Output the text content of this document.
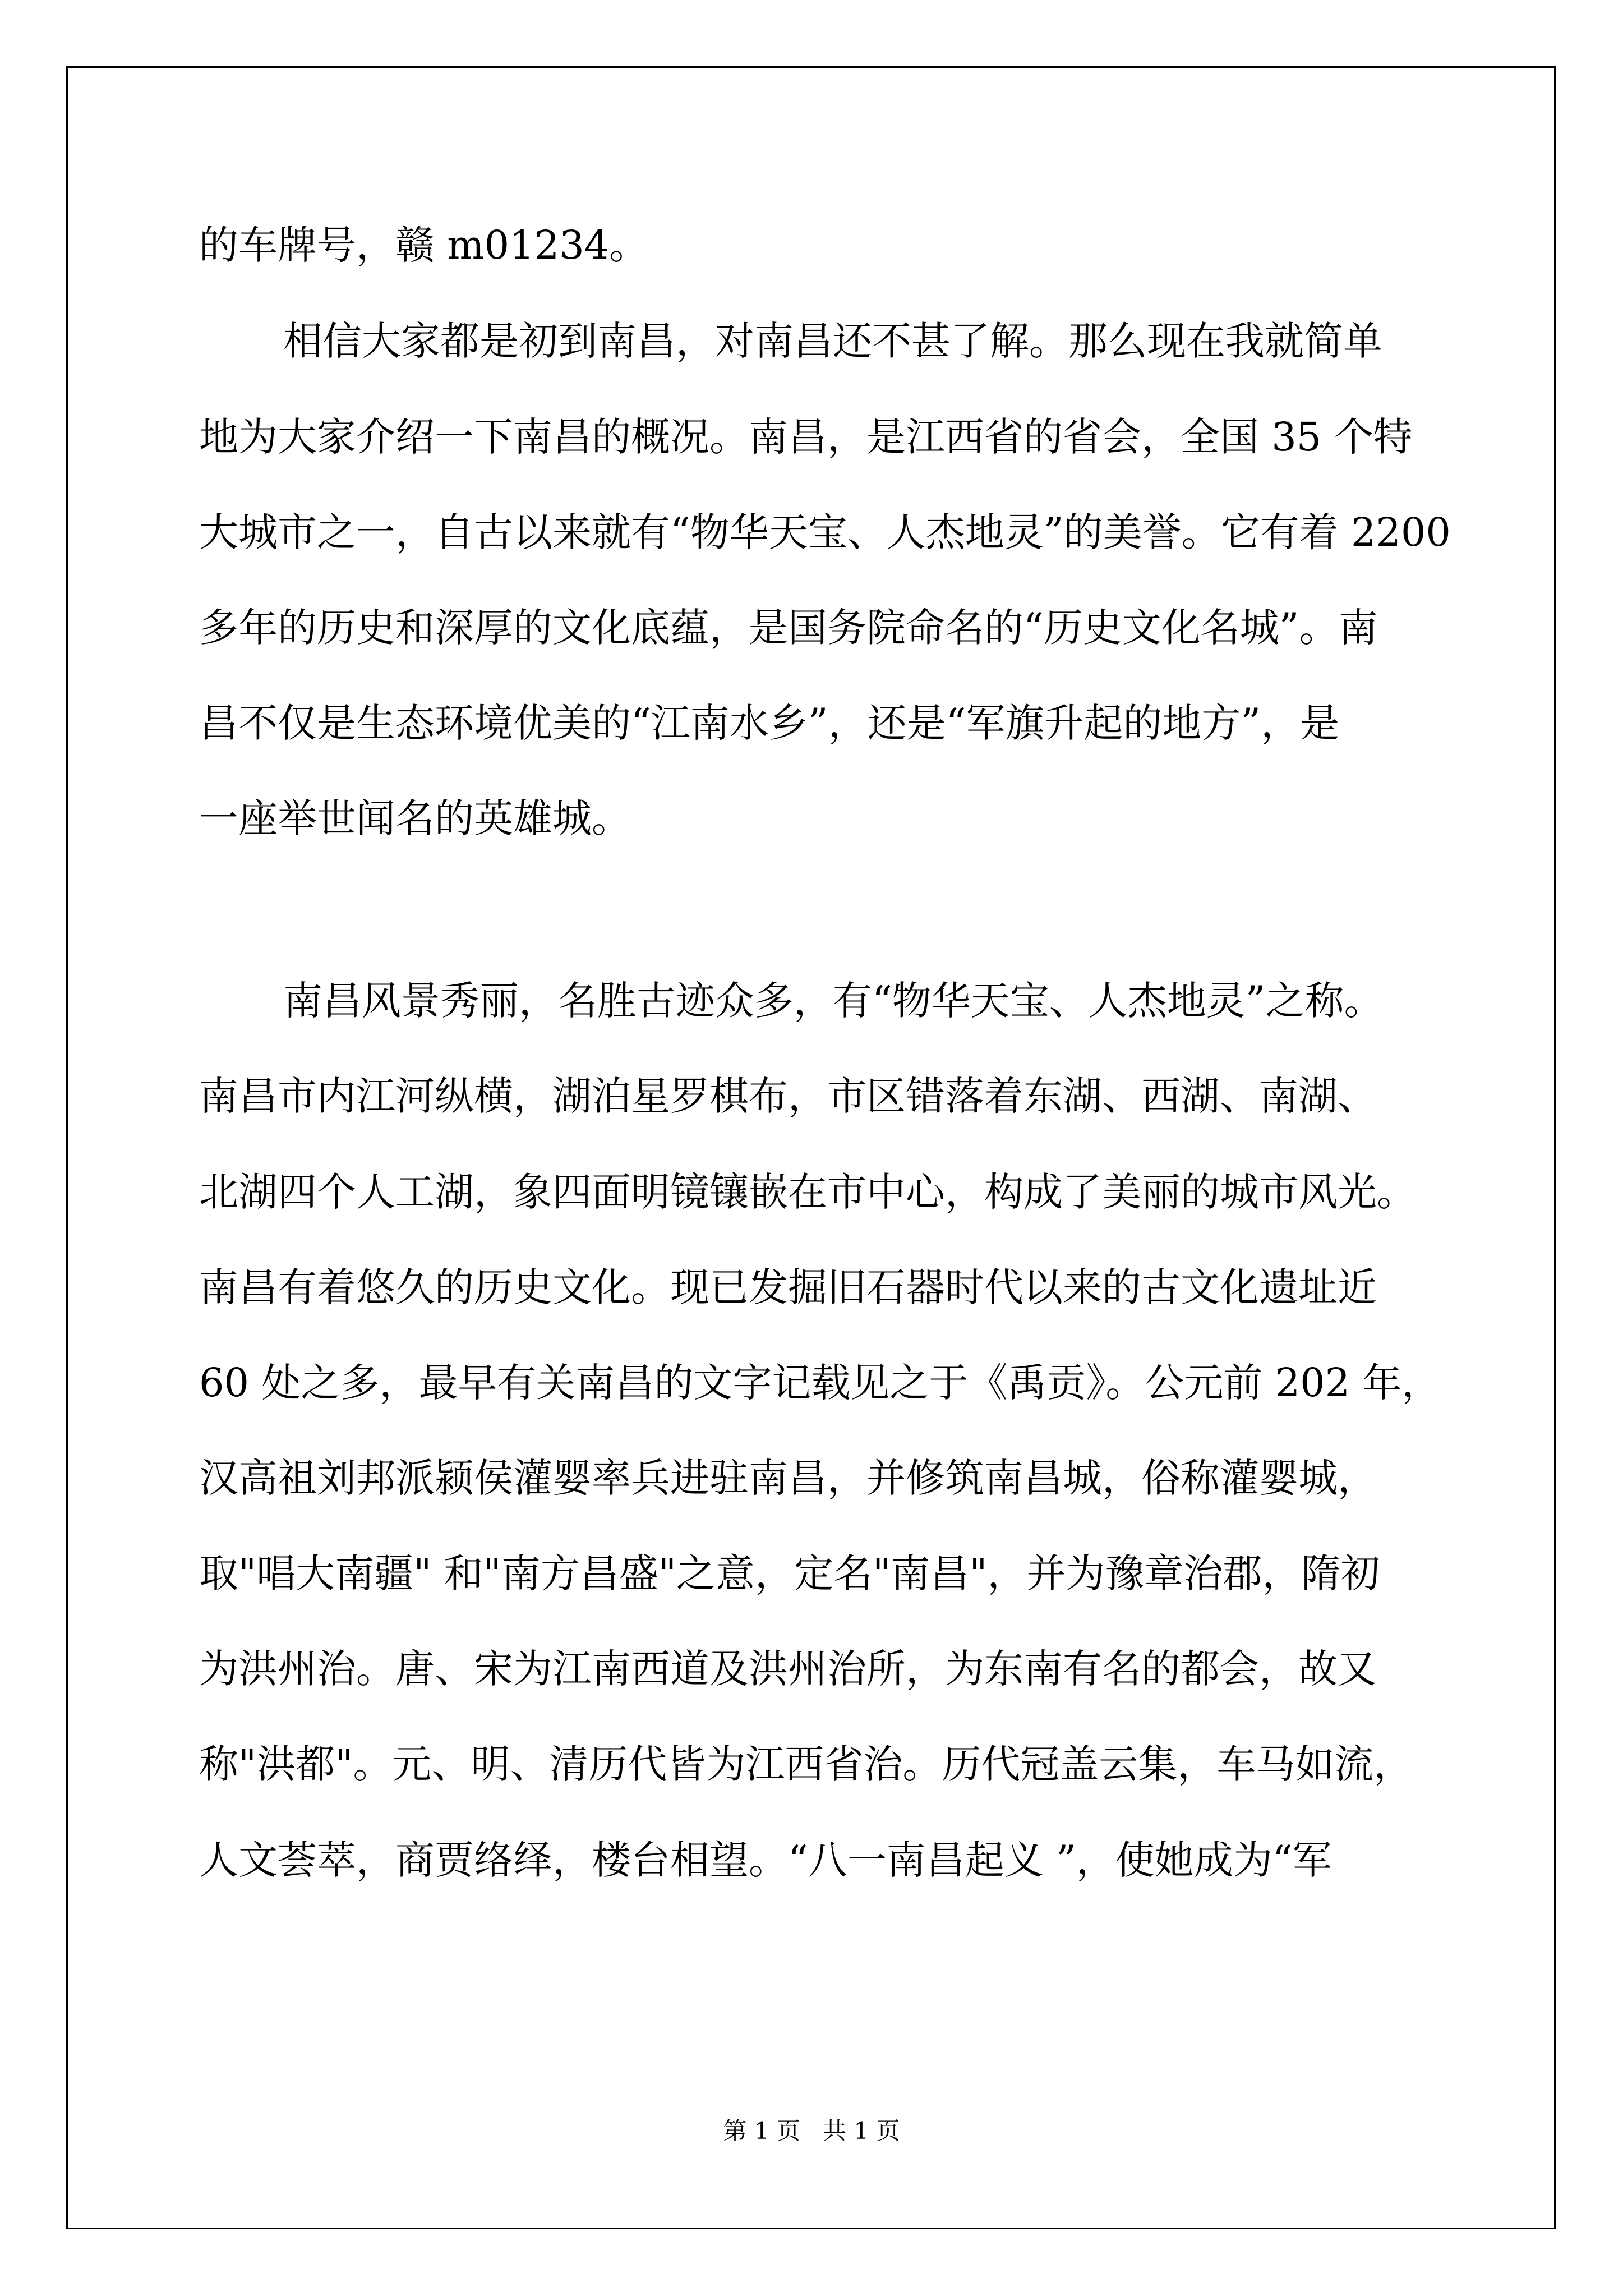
的车牌号，赣 m01234。
相信大家都是初到南昌，对南昌还不甚了解。那么现在我就简单
地为大家介绍一下南昌的概况。南昌，是江西省的省会，全国 35 个特
大城市之一，自古以来就有“物华天宝、人杰地灵”的美誉。它有着 2200
多年的历史和深厚的文化底蕴，是国务院命名的“历史文化名城”。南
昌不仅是生态环境优美的“江南水乡”，还是“军旗升起的地方”，是
一座举世闻名的英雄城。
南昌风景秀丽，名胜古迹众多，有“物华天宝、人杰地灵”之称。
南昌市内江河纵横，湖泊星罗棋布，市区错落着东湖、西湖、南湖、
北湖四个人工湖，象四面明镜镶嵌在市中心，构成了美丽的城市风光。
南昌有着悠久的历史文化。现已发掘旧石器时代以来的古文化遗址近
60 处之多，最早有关南昌的文字记载见之于《禹贡》。公元前 202 年，
汉高祖刘邦派颍侯灌婴率兵进驻南昌，并修筑南昌城，俗称灌婴城，
取"唱大南疆" 和"南方昌盛"之意，定名"南昌"，并为豫章治郡，隋初
为洪州治。唐、宋为江南西道及洪州治所，为东南有名的都会，故又
称"洪都"。元、明、清历代皆为江西省治。历代冠盖云集，车马如流，
人文荟萃，商贾络绎，楼台相望。“八一南昌起义 ”，使她成为“军
第 1 页   共 1 页
